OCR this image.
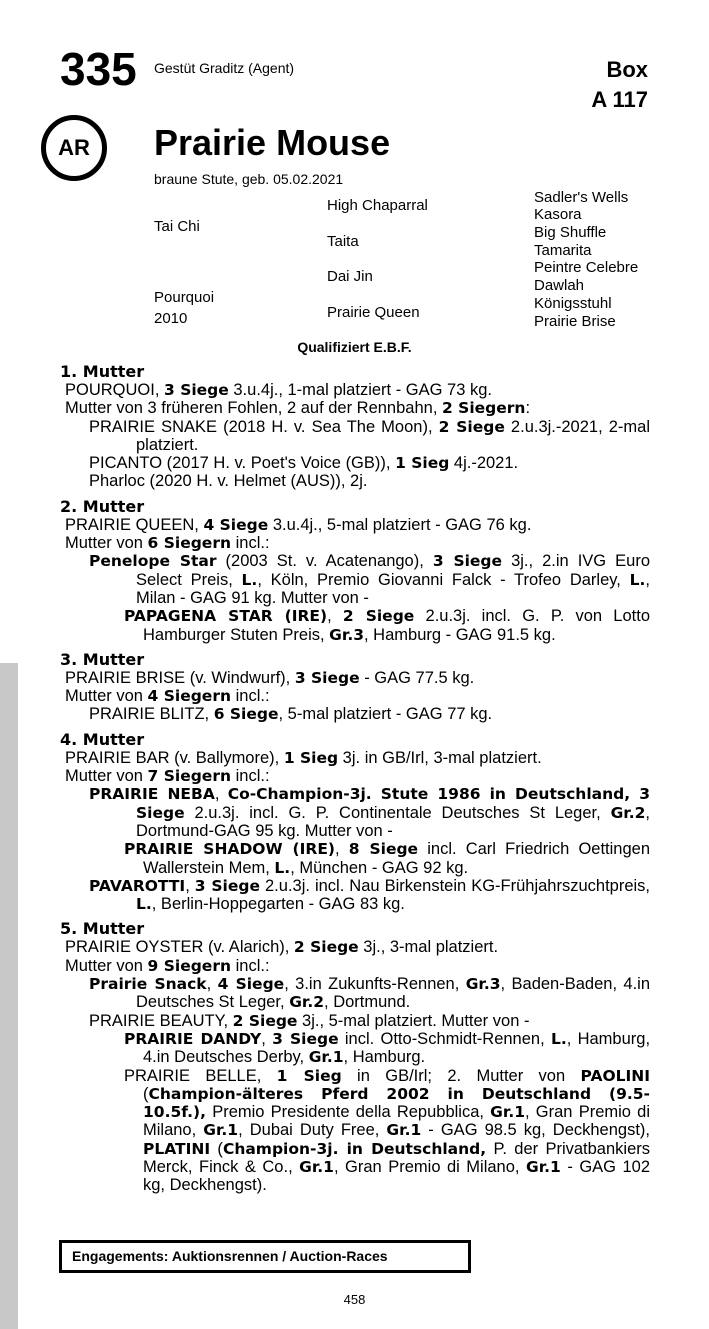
335 Gestüt Graditz (Agent)	Box
A 117
AR	Prairie Mouse
braune Stute, geb. 05.02.2021
Tai Chi
Pourquoi
2010
High Chaparral
Taita
Dai Jin
Prairie Queen
Sadler's Wells
Kasora
Big Shuffle
Tamarita
Peintre Celebre
Dawlah
Königsstuhl
Prairie Brise
Qualifiziert E.B.F.
1. Mutter
POURQUOI, 3 Siege 3.u.4j., 1-mal platziert - GAG 73 kg.
Mutter von 3 früheren Fohlen, 2 auf der Rennbahn, 2 Siegern:
PRAIRIE SNAKE (2018 H. v. Sea The Moon), 2 Siege 2.u.3j.-2021, 2-mal platziert.
PICANTO (2017 H. v. Poet's Voice (GB)), 1 Sieg 4j.-2021.
Pharloc (2020 H. v. Helmet (AUS)), 2j.
2. Mutter
PRAIRIE QUEEN, 4 Siege 3.u.4j., 5-mal platziert - GAG 76 kg.
Mutter von 6 Siegern incl.:
Penelope Star (2003 St. v. Acatenango), 3 Siege 3j., 2.in IVG Euro Select Preis, L., Köln, Premio Giovanni Falck - Trofeo Darley, L., Milan - GAG 91 kg. Mutter von -
PAPAGENA STAR (IRE), 2 Siege 2.u.3j. incl. G. P. von Lotto Hamburger Stuten Preis, Gr.3, Hamburg - GAG 91.5 kg.
3. Mutter
PRAIRIE BRISE (v. Windwurf), 3 Siege - GAG 77.5 kg.
Mutter von 4 Siegern incl.:
PRAIRIE BLITZ, 6 Siege, 5-mal platziert - GAG 77 kg.
4. Mutter
PRAIRIE BAR (v. Ballymore), 1 Sieg 3j. in GB/Irl, 3-mal platziert.
Mutter von 7 Siegern incl.:
PRAIRIE NEBA, Co-Champion-3j. Stute 1986 in Deutschland, 3 Siege 2.u.3j. incl. G. P. Continentale Deutsches St Leger, Gr.2, Dortmund-GAG 95 kg. Mutter von -
PRAIRIE SHADOW (IRE), 8 Siege incl. Carl Friedrich Oettingen Wallerstein Mem, L., München - GAG 92 kg.
PAVAROTTI, 3 Siege 2.u.3j. incl. Nau Birkenstein KG-Frühjahrszuchtpreis, L., Berlin-Hoppegarten - GAG 83 kg.
5. Mutter
PRAIRIE OYSTER (v. Alarich), 2 Siege 3j., 3-mal platziert.
Mutter von 9 Siegern incl.:
Prairie Snack, 4 Siege, 3.in Zukunfts-Rennen, Gr.3, Baden-Baden, 4.in Deutsches St Leger, Gr.2, Dortmund.
PRAIRIE BEAUTY, 2 Siege 3j., 5-mal platziert. Mutter von -
PRAIRIE DANDY, 3 Siege incl. Otto-Schmidt-Rennen, L., Hamburg, 4.in Deutsches Derby, Gr.1, Hamburg.
PRAIRIE BELLE, 1 Sieg in GB/Irl; 2. Mutter von PAOLINI (Champion-älteres Pferd 2002 in Deutschland (9.5-10.5f.), Premio Presidente della Repubblica, Gr.1, Gran Premio di Milano, Gr.1, Dubai Duty Free, Gr.1 - GAG 98.5 kg, Deckhengst), PLATINI (Champion-3j. in Deutschland, P. der Privatbankiers Merck, Finck & Co., Gr.1, Gran Premio di Milano, Gr.1 - GAG 102 kg, Deckhengst).
Engagements: Auktionsrennen / Auction-Races
458
